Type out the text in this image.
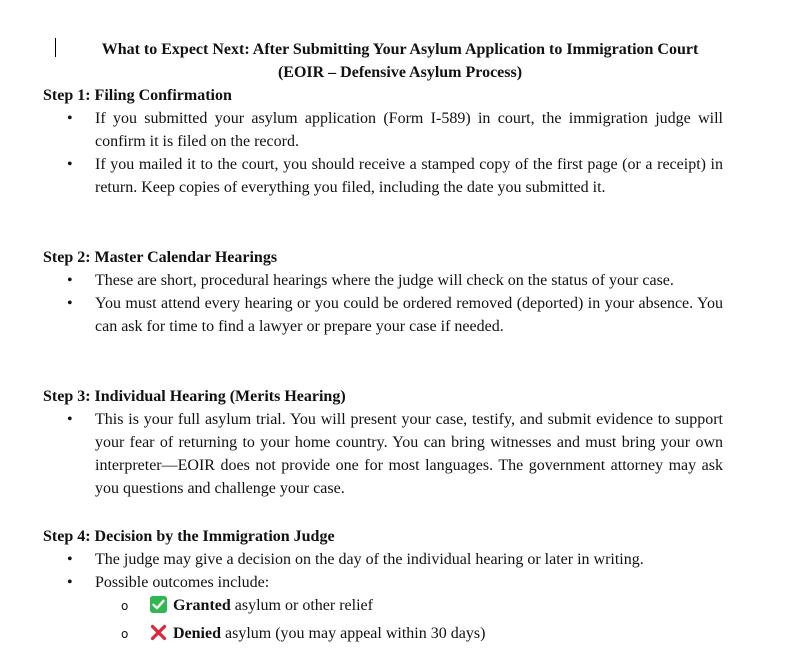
What to Expect Next: After Submitting Your Asylum Application to Immigration Court
(EOIR – Defensive Asylum Process)

Step 1: Filing Confirmation

• If you submitted your asylum application (Form I-589) in court, the immigration judge will confirm it is filed on the record.
• If you mailed it to the court, you should receive a stamped copy of the first page (or a receipt) in return. Keep copies of everything you filed, including the date you submitted it.

Step 2: Master Calendar Hearings

• These are short, procedural hearings where the judge will check on the status of your case.
• You must attend every hearing or you could be ordered removed (deported) in your absence. You can ask for time to find a lawyer or prepare your case if needed.

Step 3: Individual Hearing (Merits Hearing)

• This is your full asylum trial. You will present your case, testify, and submit evidence to support your fear of returning to your home country. You can bring witnesses and must bring your own interpreter—EOIR does not provide one for most languages. The government attorney may ask you questions and challenge your case.

Step 4: Decision by the Immigration Judge

• The judge may give a decision on the day of the individual hearing or later in writing.
• Possible outcomes include:
o Granted asylum or other relief
o Denied asylum (you may appeal within 30 days)
